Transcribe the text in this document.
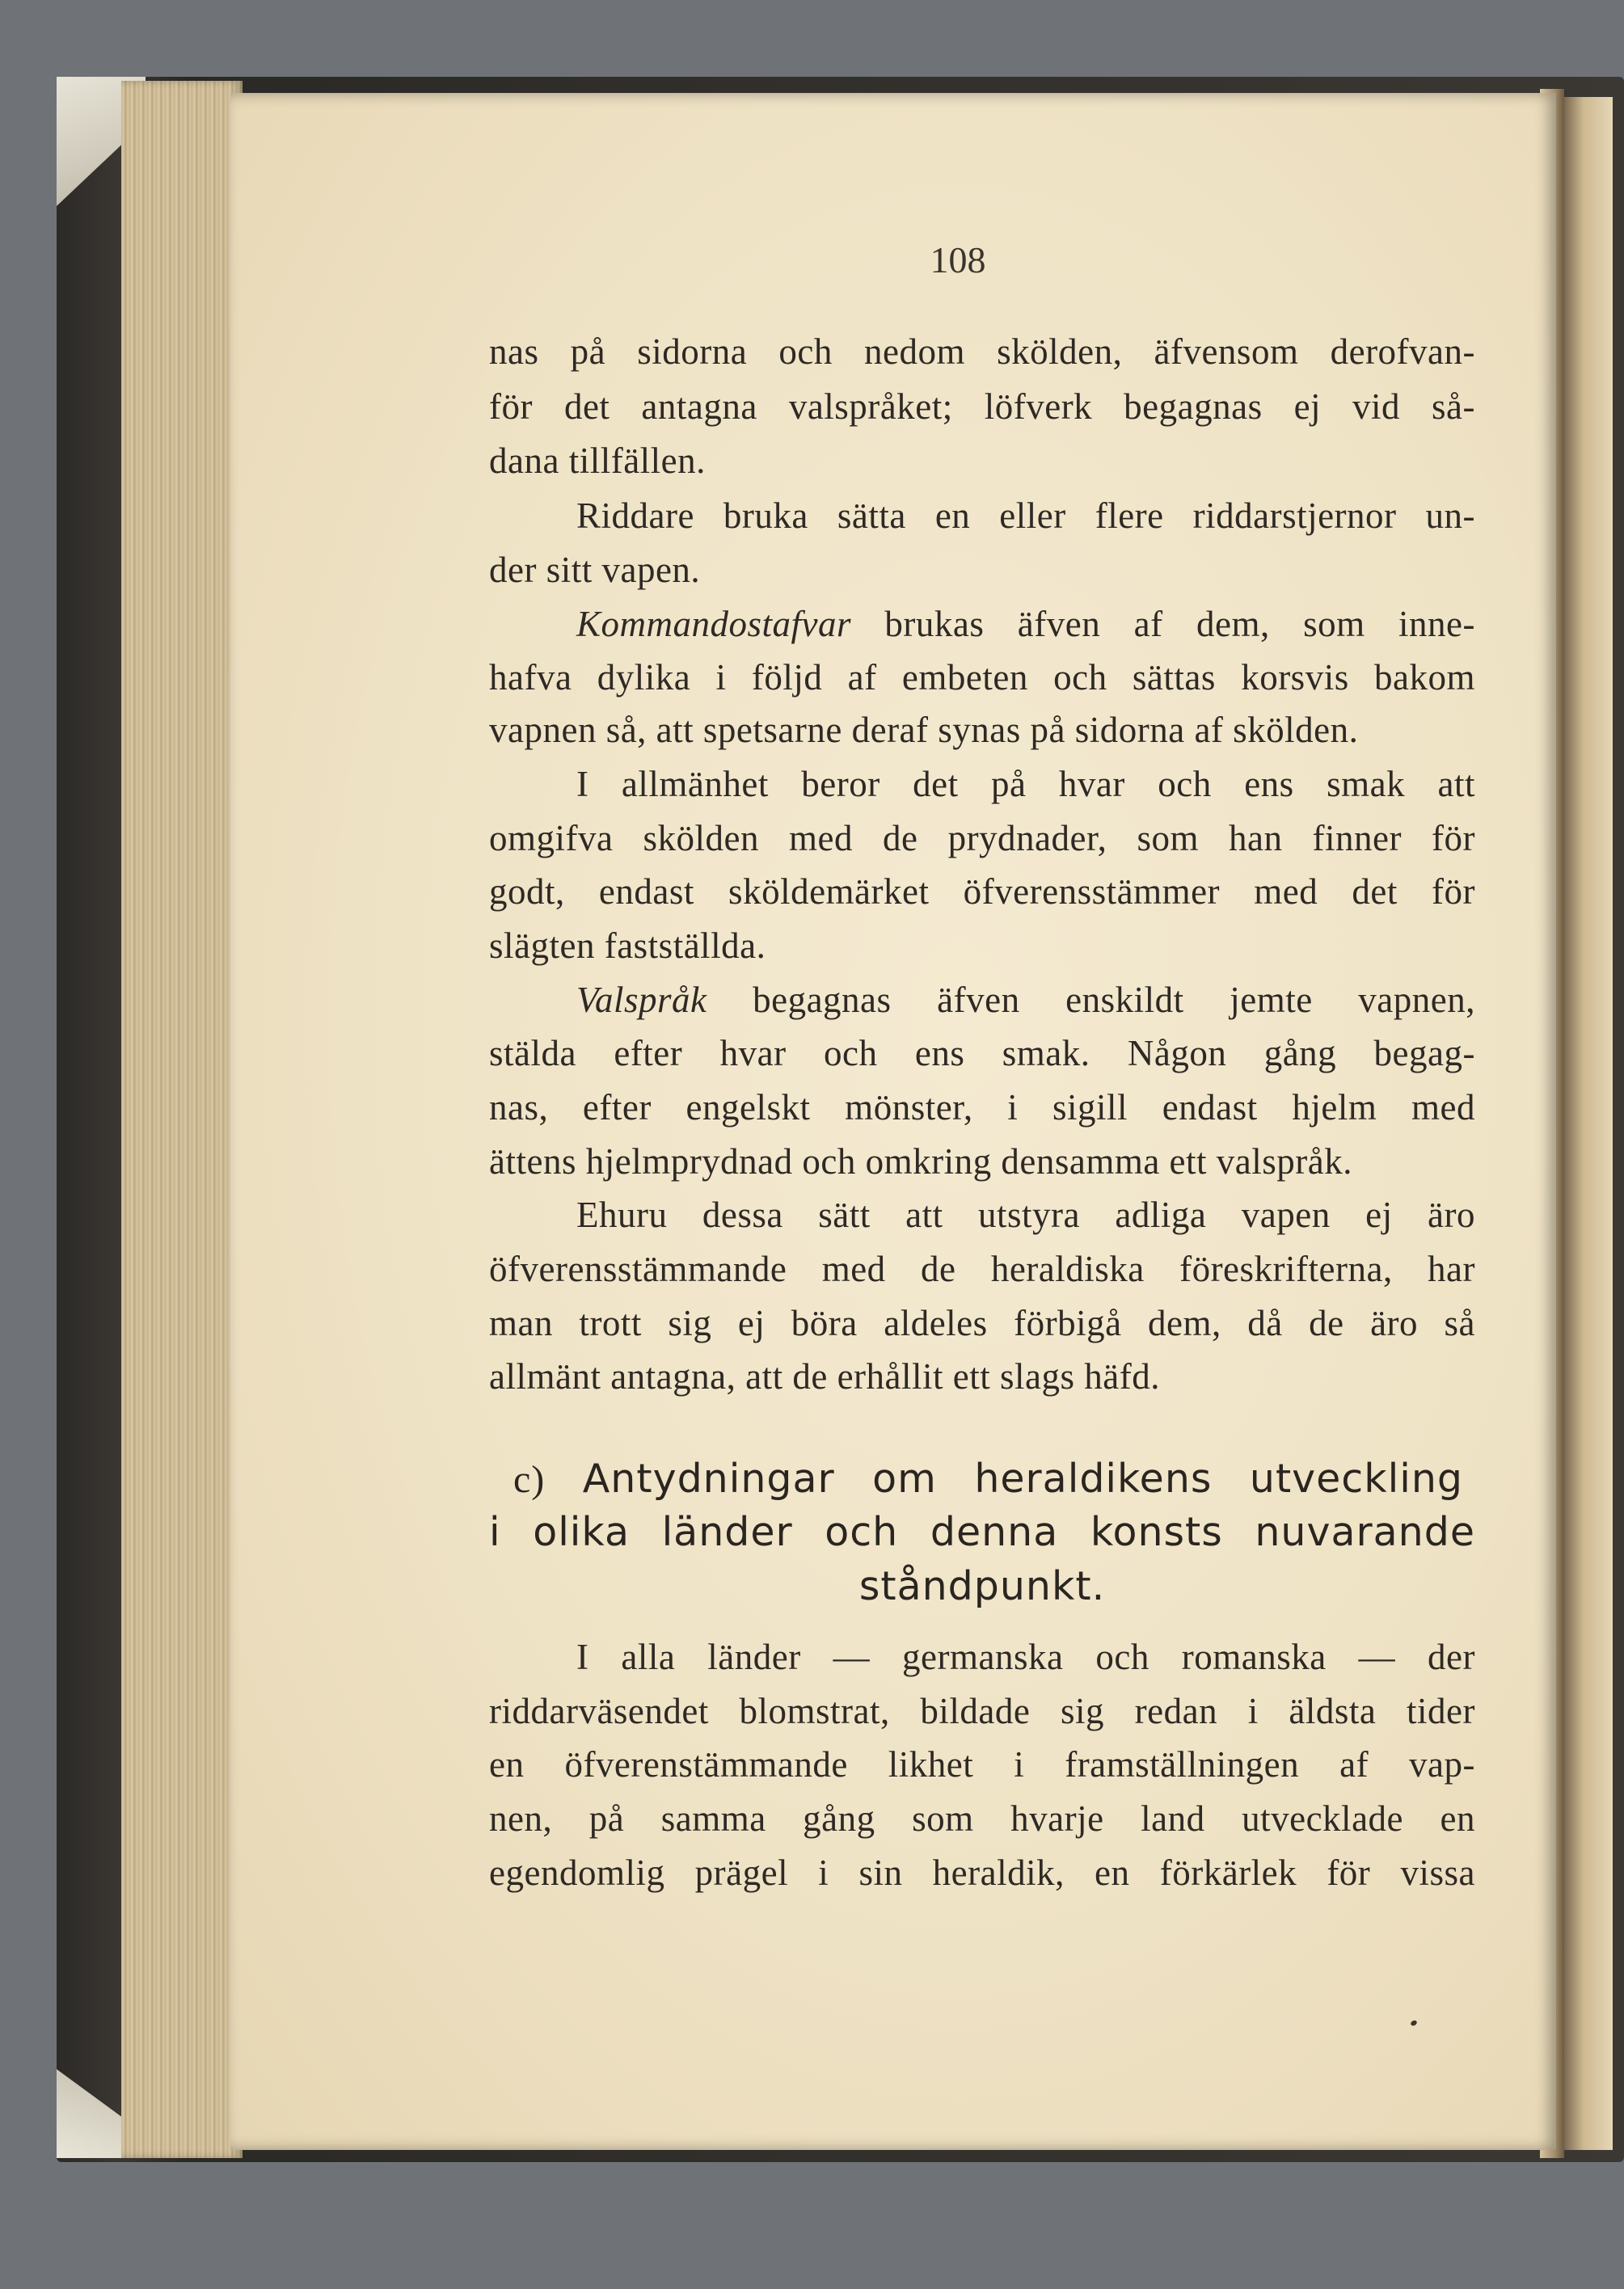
108
nas på sidorna och nedom skölden, äfvensom derofvan-
för det antagna valspråket; löfverk begagnas ej vid så-
dana tillfällen.
Riddare bruka sätta en eller flere riddarstjernor un-
der sitt vapen.
Kommandostafvar brukas äfven af dem, som inne-
hafva dylika i följd af embeten och sättas korsvis bakom
vapnen så, att spetsarne deraf synas på sidorna af skölden.
I allmänhet beror det på hvar och ens smak att
omgifva skölden med de prydnader, som han finner för
godt, endast sköldemärket öfverensstämmer med det för
slägten fastställda.
Valspråk begagnas äfven enskildt jemte vapnen,
stälda efter hvar och ens smak. Någon gång begag-
nas, efter engelskt mönster, i sigill endast hjelm med
ättens hjelmprydnad och omkring densamma ett valspråk.
Ehuru dessa sätt att utstyra adliga vapen ej äro
öfverensstämmande med de heraldiska föreskrifterna, har
man trott sig ej böra aldeles förbigå dem, då de äro så
allmänt antagna, att de erhållit ett slags häfd.
c) Antydningar om heraldikens utveckling
i olika länder och denna konsts nuvarande
ståndpunkt.
I alla länder — germanska och romanska — der
riddarväsendet blomstrat, bildade sig redan i äldsta tider
en öfverenstämmande likhet i framställningen af vap-
nen, på samma gång som hvarje land utvecklade en
egendomlig prägel i sin heraldik, en förkärlek för vissa
